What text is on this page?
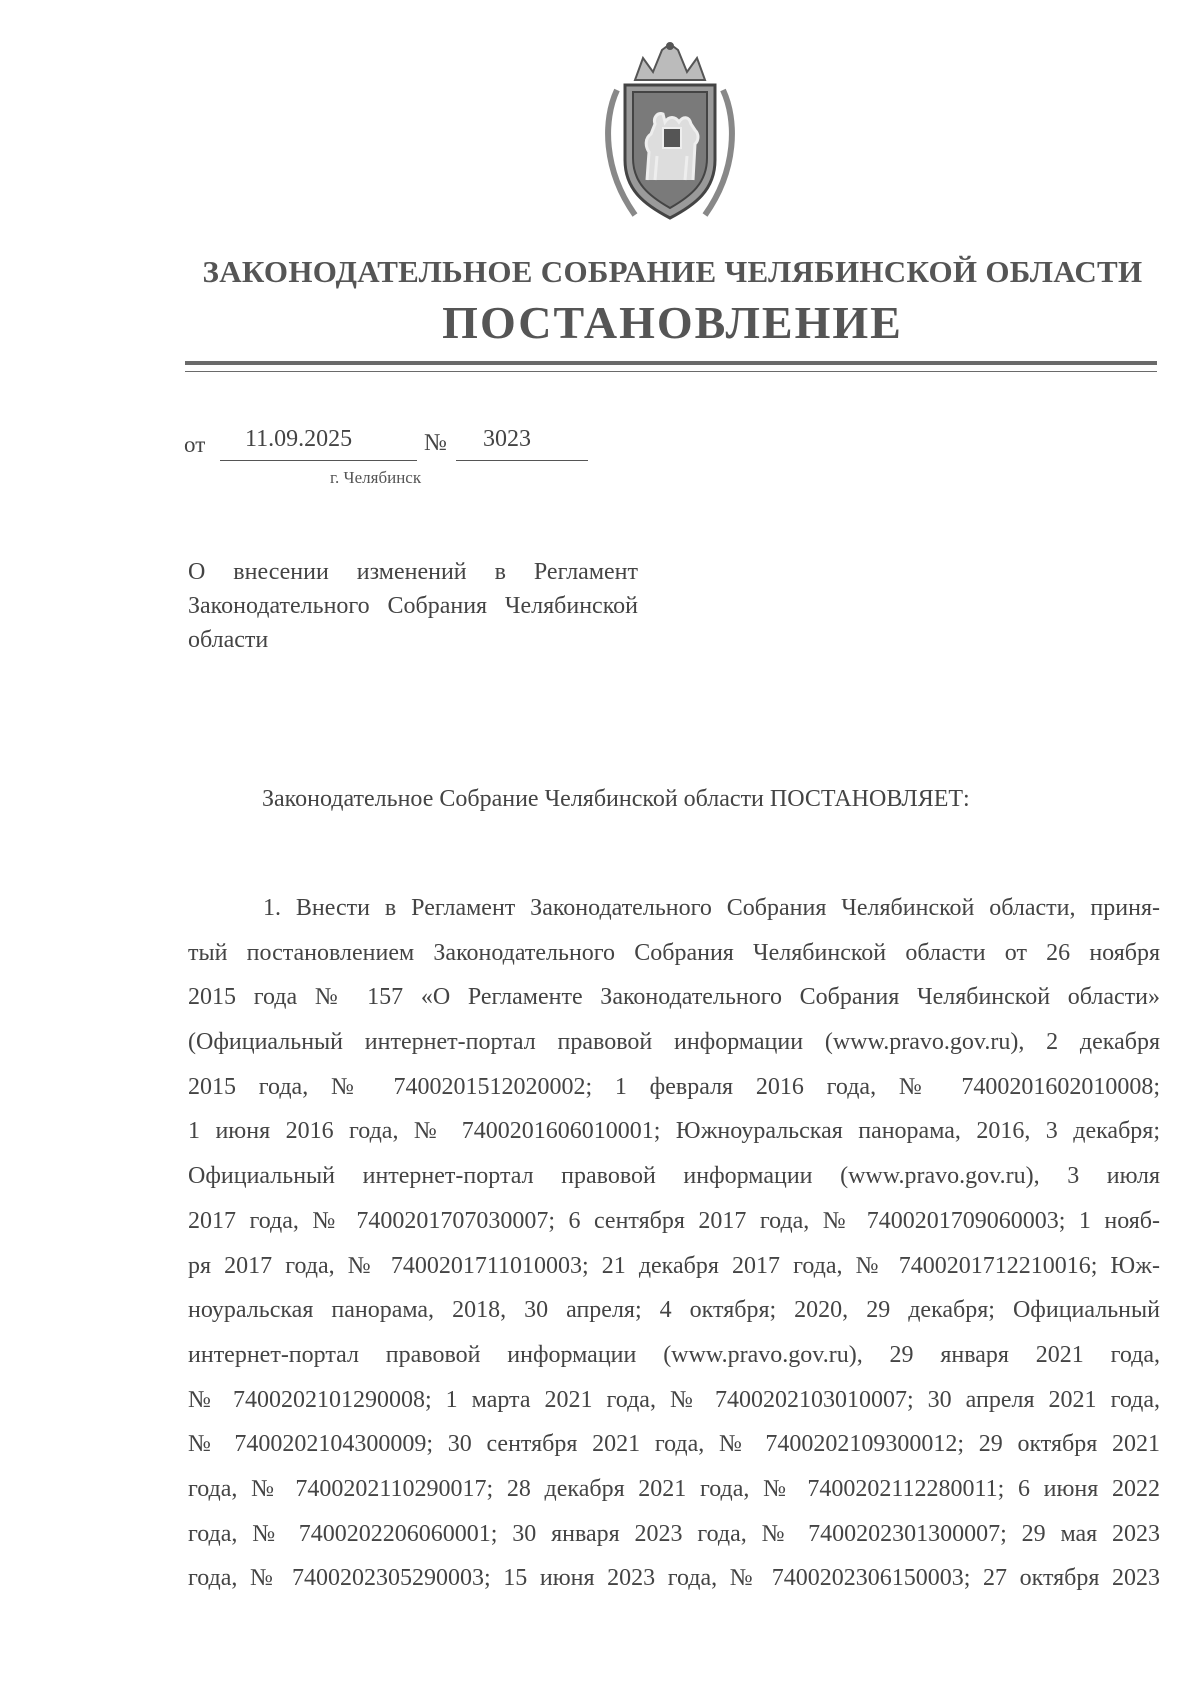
ЗАКОНОДАТЕЛЬНОЕ СОБРАНИЕ ЧЕЛЯБИНСКОЙ ОБЛАСТИ
ПОСТАНОВЛЕНИЕ
от 11.09.2025	№ 3023
г. Челябинск
О внесении изменений в Регламент Законодательного Собрания Челябинской области
Законодательное Собрание Челябинской области ПОСТАНОВЛЯЕТ:
1. Внести в Регламент Законодательного Собрания Челябинской области, приня-
тый постановлением Законодательного Собрания Челябинской области от 26 ноября
2015 года № 157 «О Регламенте Законодательного Собрания Челябинской области»
(Официальный интернет-портал правовой информации (www.pravo.gov.ru), 2 декабря
2015 года, № 7400201512020002; 1 февраля 2016 года, № 7400201602010008;
1 июня 2016 года, № 7400201606010001; Южноуральская панорама, 2016, 3 декабря;
Официальный интернет-портал правовой информации (www.pravo.gov.ru), 3 июля
2017 года, № 7400201707030007; 6 сентября 2017 года, № 7400201709060003; 1 нояб-
ря 2017 года, № 7400201711010003; 21 декабря 2017 года, № 7400201712210016; Юж-
ноуральская панорама, 2018, 30 апреля; 4 октября; 2020, 29 декабря; Официальный
интернет-портал правовой информации (www.pravo.gov.ru), 29 января 2021 года,
№ 7400202101290008; 1 марта 2021 года, № 7400202103010007; 30 апреля 2021 года,
№ 7400202104300009; 30 сентября 2021 года, № 7400202109300012; 29 октября 2021
года, № 7400202110290017; 28 декабря 2021 года, № 7400202112280011; 6 июня 2022
года, № 7400202206060001; 30 января 2023 года, № 7400202301300007; 29 мая 2023
года, № 7400202305290003; 15 июня 2023 года, № 7400202306150003; 27 октября 2023
